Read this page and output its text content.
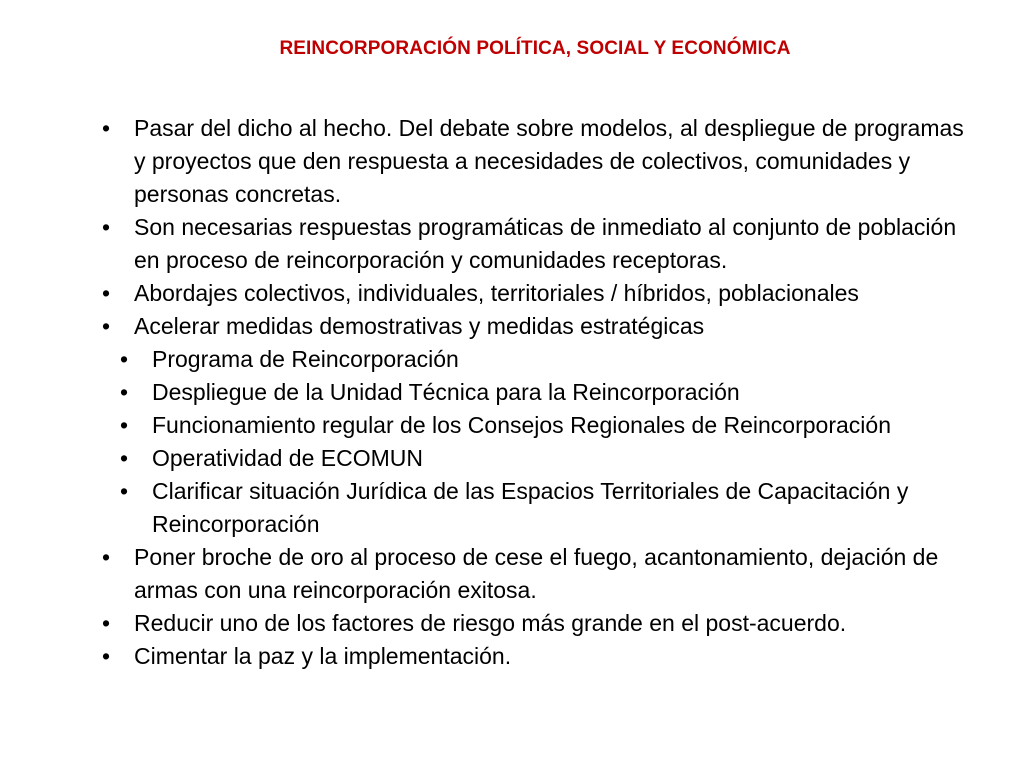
REINCORPORACIÓN POLÍTICA, SOCIAL Y ECONÓMICA
• Pasar del dicho al hecho. Del debate sobre modelos, al despliegue de programas y proyectos que den respuesta a necesidades de colectivos, comunidades y personas concretas.
• Son necesarias respuestas programáticas de inmediato al conjunto de población en proceso de reincorporación y comunidades receptoras.
• Abordajes colectivos, individuales, territoriales / híbridos, poblacionales
• Acelerar medidas demostrativas y medidas estratégicas
• Programa de Reincorporación
• Despliegue de la Unidad Técnica para la Reincorporación
• Funcionamiento regular de los Consejos Regionales de Reincorporación
• Operatividad de ECOMUN
• Clarificar situación Jurídica de las Espacios Territoriales de Capacitación y Reincorporación
• Poner broche de oro al proceso de cese el fuego, acantonamiento, dejación de armas con una reincorporación exitosa.
• Reducir uno de los factores de riesgo más grande en el post-acuerdo.
• Cimentar la paz y la implementación.
